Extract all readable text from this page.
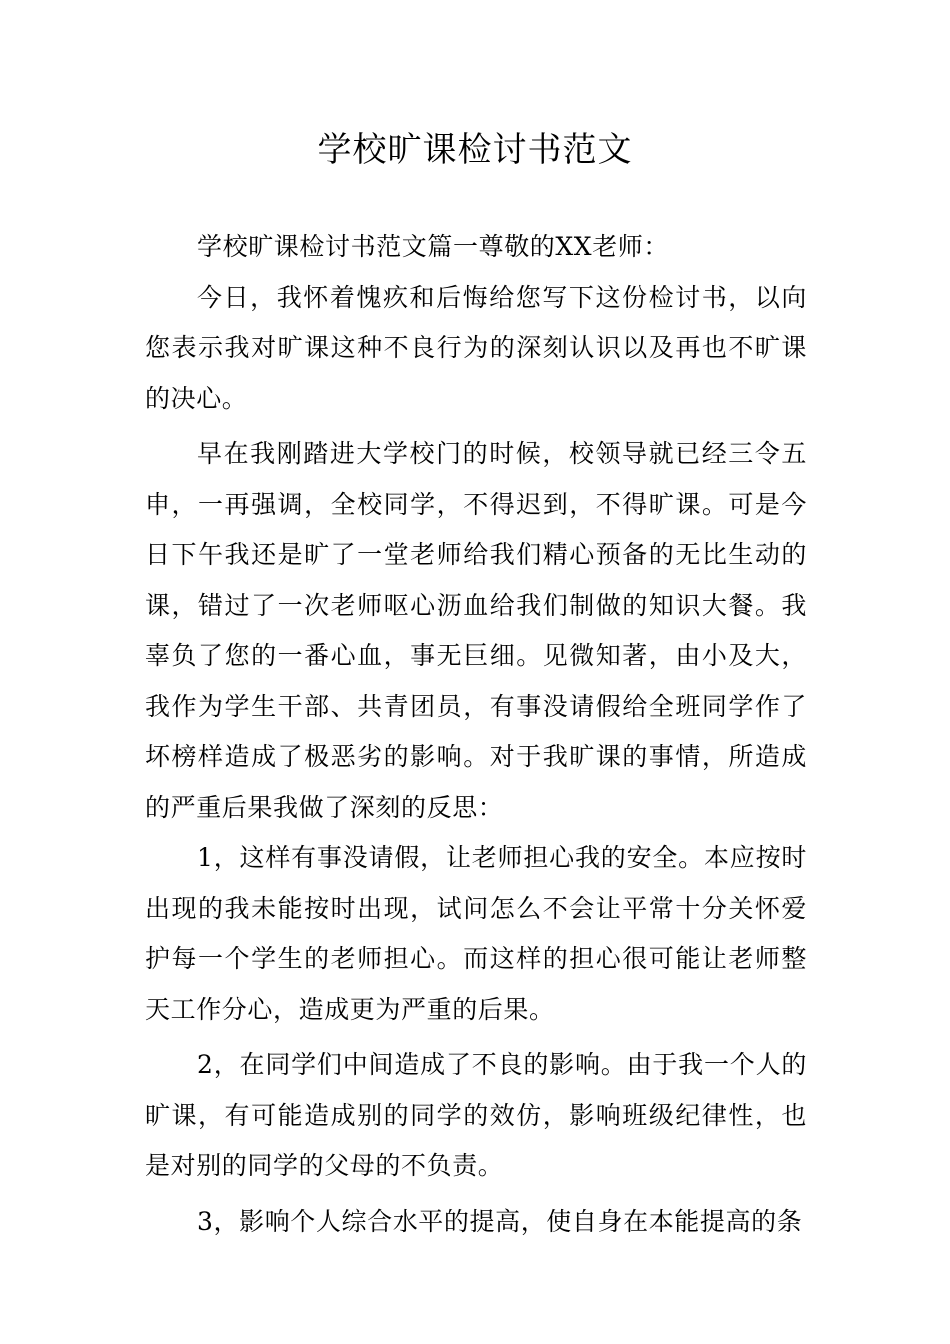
学校旷课检讨书范文

学校旷课检讨书范文篇一尊敬的XX老师：

今日，我怀着愧疚和后悔给您写下这份检讨书，以向您表示我对旷课这种不良行为的深刻认识以及再也不旷课的决心。

早在我刚踏进大学校门的时候，校领导就已经三令五申，一再强调，全校同学，不得迟到，不得旷课。可是今日下午我还是旷了一堂老师给我们精心预备的无比生动的课，错过了一次老师呕心沥血给我们制做的知识大餐。我辜负了您的一番心血，事无巨细。见微知著，由小及大，我作为学生干部、共青团员，有事没请假给全班同学作了坏榜样造成了极恶劣的影响。对于我旷课的事情，所造成的严重后果我做了深刻的反思：

1，这样有事没请假，让老师担心我的安全。本应按时出现的我未能按时出现，试问怎么不会让平常十分关怀爱护每一个学生的老师担心。而这样的担心很可能让老师整天工作分心，造成更为严重的后果。

2，在同学们中间造成了不良的影响。由于我一个人的旷课，有可能造成别的同学的效仿，影响班级纪律性，也是对别的同学的父母的不负责。

3，影响个人综合水平的提高，使自身在本能提高的条
